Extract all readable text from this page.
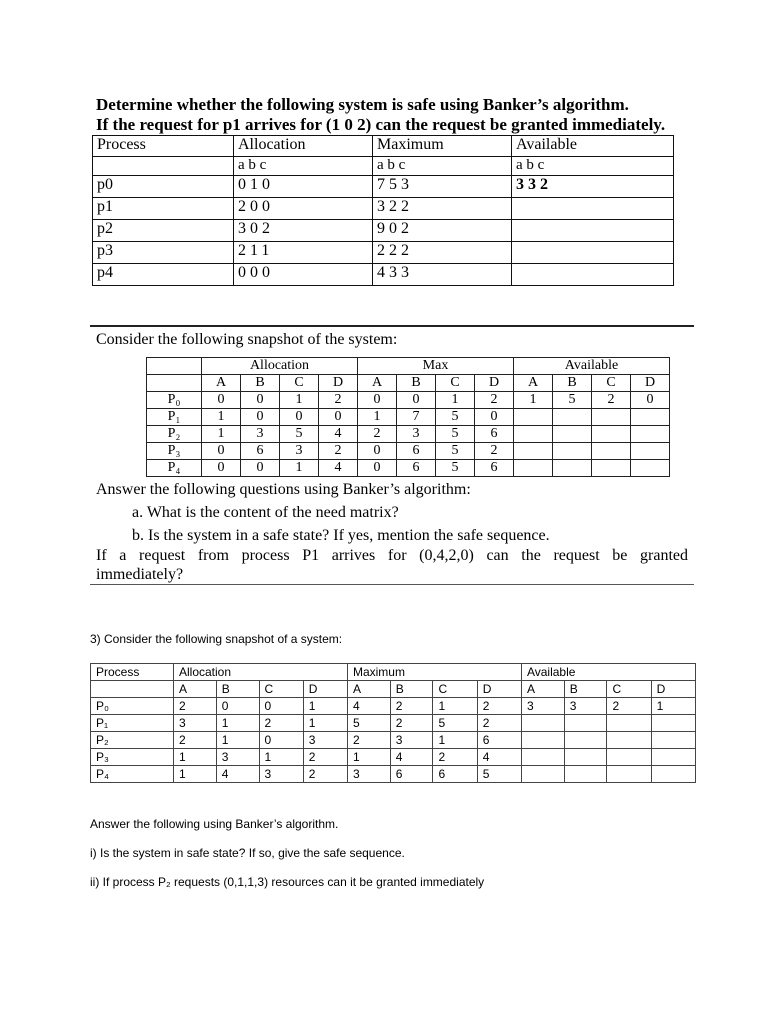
Determine whether the following system is safe using Banker’s algorithm.
If the request for p1 arrives for (1 0 2) can the request be granted immediately.
Process	Allocation	Maximum	Available
	a b c	a b c	a b c
p0	010	753	3 3 2
p1	200	322	
p2	302	902	
p3	211	222	
p4	000	433	
Consider the following snapshot of the system:
	Allocation				Max				Available			
	A	B	C	D	A	B	C	D	A	B	C	D
P₀	0	0	1	2	0	0	1	2	1	5	2	0
P₁	1	0	0	0	1	7	5	0				
P₂	1	3	5	4	2	3	5	6				
P₃	0	6	3	2	0	6	5	2				
P₄	0	0	1	4	0	6	5	6				
Answer the following questions using Banker’s algorithm:
a. What is the content of the need matrix?
b. Is the system in a safe state? If yes, mention the safe sequence.
If a request from process P1 arrives for (0,4,2,0) can the request be granted
immediately?
3) Consider the following snapshot of a system:
Process	Allocation				Maximum				Available			
	A	B	C	D	A	B	C	D	A	B	C	D
P₀	2	0	0	1	4	2	1	2	3	3	2	1
P₁	3	1	2	1	5	2	5	2				
P₂	2	1	0	3	2	3	1	6				
P₃	1	3	1	2	1	4	2	4				
P₄	1	4	3	2	3	6	6	5				

Answer the following using Banker’s algorithm.

i) Is the system in safe state? If so, give the safe sequence.

ii) If process P₂ requests (0,1,1,3) resources can it be granted immediately
